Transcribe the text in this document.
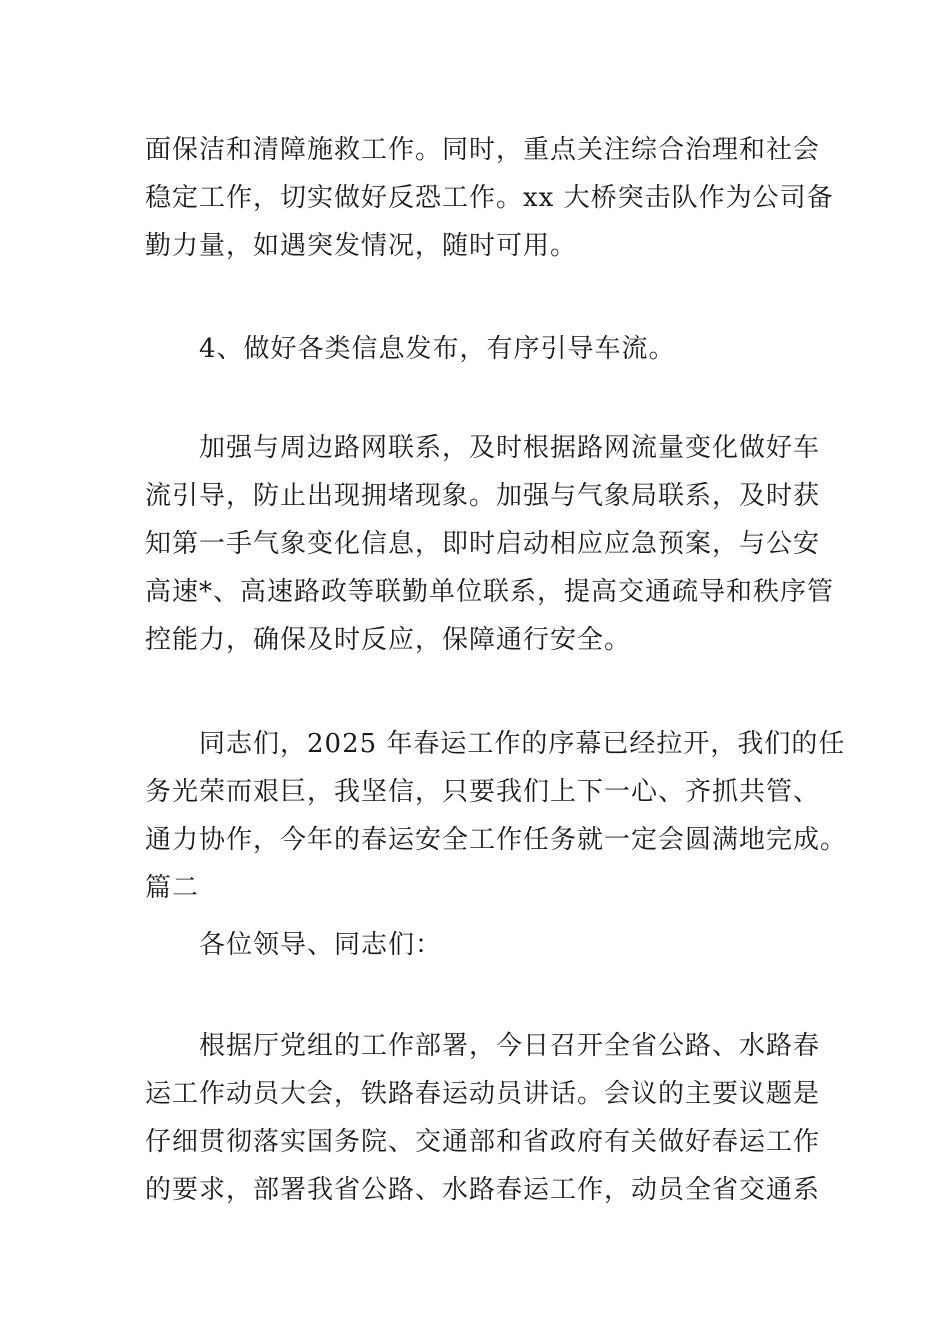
面保洁和清障施救工作。同时，重点关注综合治理和社会
稳定工作，切实做好反恐工作。xx 大桥突击队作为公司备
勤力量，如遇突发情况，随时可用。
　　4、做好各类信息发布，有序引导车流。
　　加强与周边路网联系，及时根据路网流量变化做好车
流引导，防止出现拥堵现象。加强与气象局联系，及时获
知第一手气象变化信息，即时启动相应应急预案，与公安
高速*、高速路政等联勤单位联系，提高交通疏导和秩序管
控能力，确保及时反应，保障通行安全。
　　同志们，2025 年春运工作的序幕已经拉开，我们的任
务光荣而艰巨，我坚信，只要我们上下一心、齐抓共管、
通力协作，今年的春运安全工作任务就一定会圆满地完成。
篇二
　　各位领导、同志们：
　　根据厅党组的工作部署，今日召开全省公路、水路春
运工作动员大会，铁路春运动员讲话。会议的主要议题是
仔细贯彻落实国务院、交通部和省政府有关做好春运工作
的要求，部署我省公路、水路春运工作，动员全省交通系
